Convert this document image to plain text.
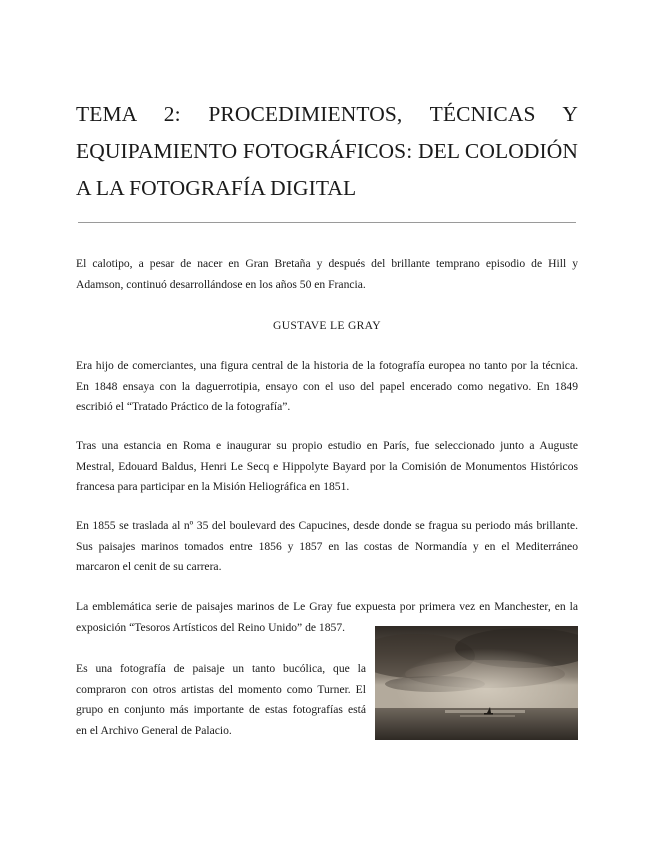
TEMA 2: PROCEDIMIENTOS, TÉCNICAS Y
EQUIPAMIENTO FOTOGRÁFICOS: DEL COLODIÓN
A LA FOTOGRAFÍA DIGITAL

El calotipo, a pesar de nacer en Gran Bretaña y después del brillante temprano episodio de Hill y
Adamson, continuó desarrollándose en los años 50 en Francia.

GUSTAVE LE GRAY

Era hijo de comerciantes, una figura central de la historia de la fotografía europea no tanto por la técnica.
En 1848 ensaya con la daguerrotipia, ensayo con el uso del papel encerado como negativo. En 1849
escribió el “Tratado Práctico de la fotografía”.

Tras una estancia en Roma e inaugurar su propio estudio en París, fue seleccionado junto a Auguste
Mestral, Edouard Baldus, Henri Le Secq e Hippolyte Bayard por la Comisión de Monumentos Históricos
francesa para participar en la Misión Heliográfica en 1851.

En 1855 se traslada al nº 35 del boulevard des Capucines, desde donde se fragua su periodo más brillante.
Sus paisajes marinos tomados entre 1856 y 1857 en las costas de Normandía y en el Mediterráneo
marcaron el cenit de su carrera.

La emblemática serie de paisajes marinos de Le Gray fue expuesta por primera vez en Manchester, en la
exposición “Tesoros Artísticos del Reino Unido” de 1857.

Es una fotografía de paisaje un tanto bucólica, que la
compraron con otros artistas del momento como Turner. El
grupo en conjunto más importante de estas fotografías está
en el Archivo General de Palacio.
